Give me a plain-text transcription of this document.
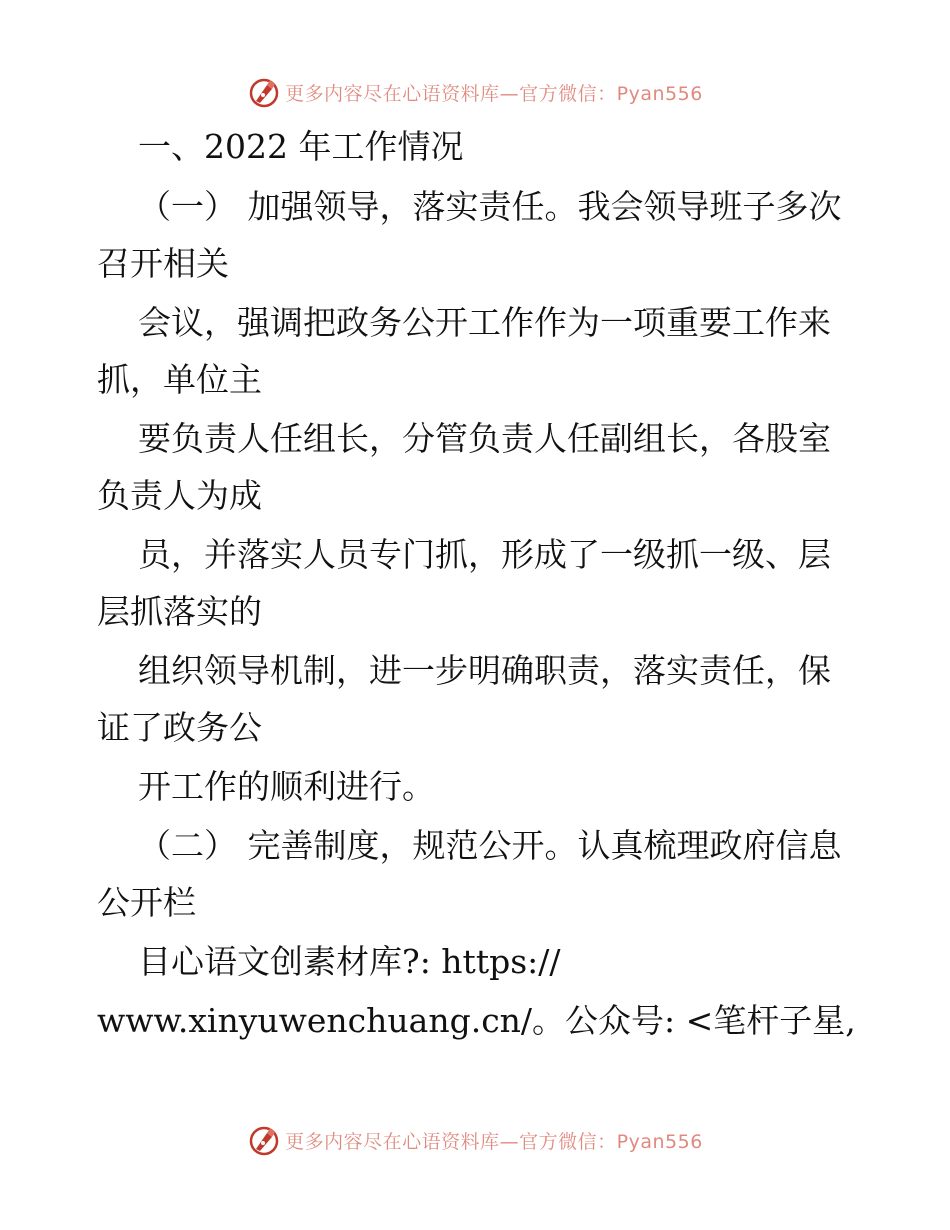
更多内容尽在心语资料库—官方微信：Pyan556
一、2022 年工作情况
（一） 加强领导，落实责任。我会领导班子多次
召开相关
会议，强调把政务公开工作作为一项重要工作来
抓，单位主
要负责人任组长，分管负责人任副组长，各股室
负责人为成
员，并落实人员专门抓，形成了一级抓一级、层
层抓落实的
组织领导机制，进一步明确职责，落实责任，保
证了政务公
开工作的顺利进行。
（二） 完善制度，规范公开。认真梳理政府信息
公开栏
目心语文创素材库?: https://
www.xinyuwenchuang.cn/。公众号: <笔杆子星,
更多内容尽在心语资料库—官方微信：Pyan556
